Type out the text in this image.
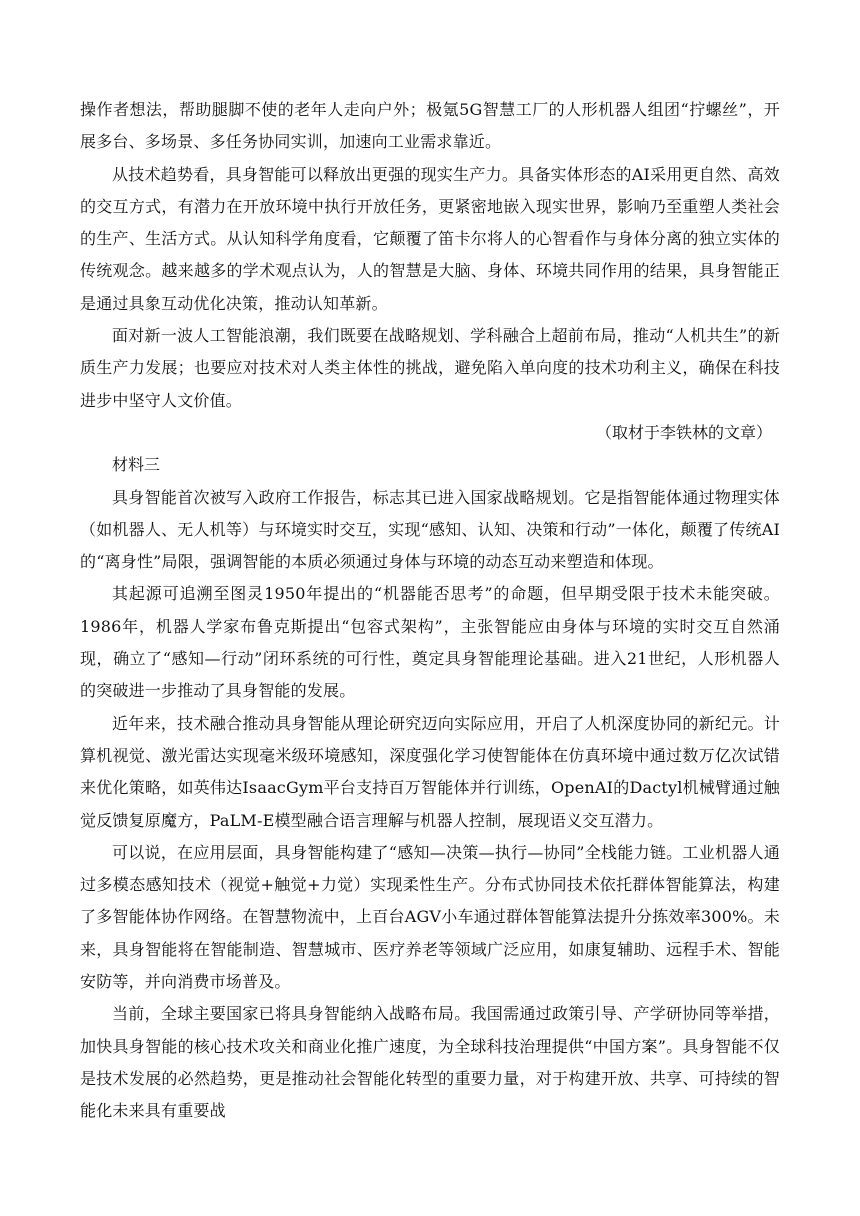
操作者想法，帮助腿脚不使的老年人走向户外；极氪5G智慧工厂的人形机器人组团“拧螺丝”，开展多台、多场景、多任务协同实训，加速向工业需求靠近。

从技术趋势看，具身智能可以释放出更强的现实生产力。具备实体形态的AI采用更自然、高效的交互方式，有潜力在开放环境中执行开放任务，更紧密地嵌入现实世界，影响乃至重塑人类社会的生产、生活方式。从认知科学角度看，它颠覆了笛卡尔将人的心智看作与身体分离的独立实体的传统观念。越来越多的学术观点认为，人的智慧是大脑、身体、环境共同作用的结果，具身智能正是通过具象互动优化决策，推动认知革新。

面对新一波人工智能浪潮，我们既要在战略规划、学科融合上超前布局，推动“人机共生”的新质生产力发展；也要应对技术对人类主体性的挑战，避免陷入单向度的技术功利主义，确保在科技进步中坚守人文价值。

（取材于李铁林的文章）

材料三

具身智能首次被写入政府工作报告，标志其已进入国家战略规划。它是指智能体通过物理实体（如机器人、无人机等）与环境实时交互，实现“感知、认知、决策和行动”一体化，颠覆了传统AI的“离身性”局限，强调智能的本质必须通过身体与环境的动态互动来塑造和体现。

其起源可追溯至图灵1950年提出的“机器能否思考”的命题，但早期受限于技术未能突破。1986年，机器人学家布鲁克斯提出“包容式架构”，主张智能应由身体与环境的实时交互自然涌现，确立了“感知—行动”闭环系统的可行性，奠定具身智能理论基础。进入21世纪，人形机器人的突破进一步推动了具身智能的发展。

近年来，技术融合推动具身智能从理论研究迈向实际应用，开启了人机深度协同的新纪元。计算机视觉、激光雷达实现毫米级环境感知，深度强化学习使智能体在仿真环境中通过数万亿次试错来优化策略，如英伟达IsaacGym平台支持百万智能体并行训练，OpenAI的Dactyl机械臂通过触觉反馈复原魔方，PaLM-E模型融合语言理解与机器人控制，展现语义交互潜力。

可以说，在应用层面，具身智能构建了“感知—决策—执行—协同”全栈能力链。工业机器人通过多模态感知技术（视觉+触觉+力觉）实现柔性生产。分布式协同技术依托群体智能算法，构建了多智能体协作网络。在智慧物流中，上百台AGV小车通过群体智能算法提升分拣效率300%。未来，具身智能将在智能制造、智慧城市、医疗养老等领域广泛应用，如康复辅助、远程手术、智能安防等，并向消费市场普及。

当前，全球主要国家已将具身智能纳入战略布局。我国需通过政策引导、产学研协同等举措，加快具身智能的核心技术攻关和商业化推广速度，为全球科技治理提供“中国方案”。具身智能不仅是技术发展的必然趋势，更是推动社会智能化转型的重要力量，对于构建开放、共享、可持续的智能化未来具有重要战
